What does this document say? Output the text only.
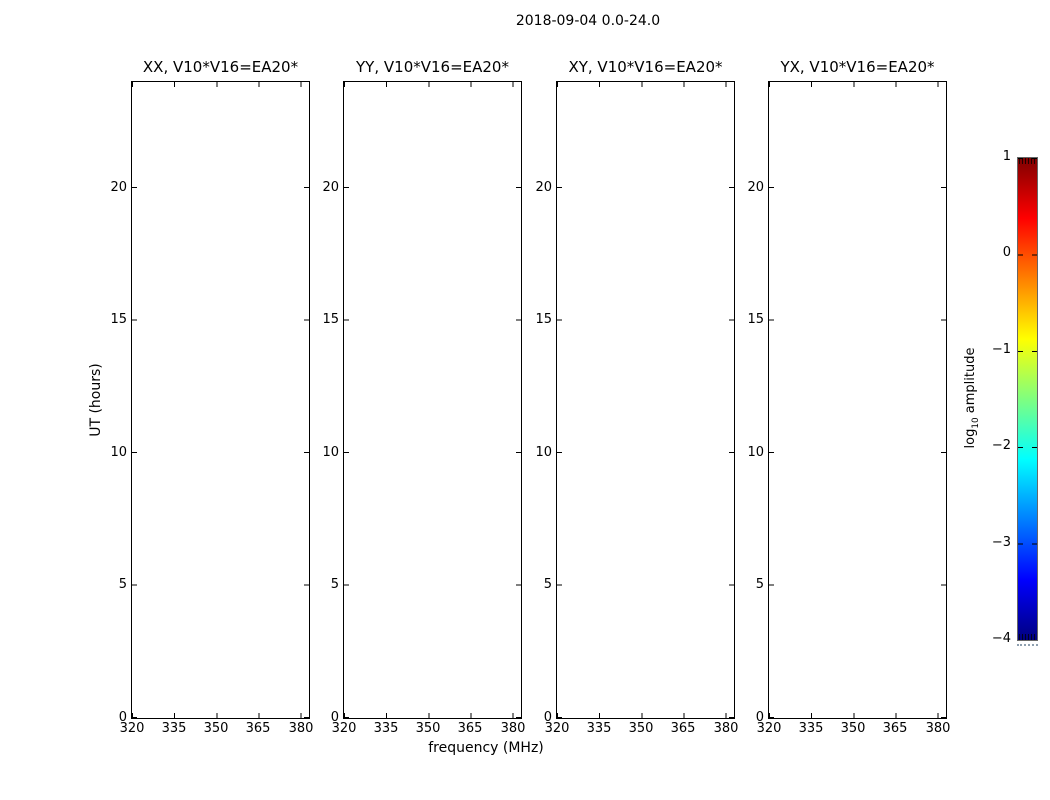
2018-09-04 0.0-24.0
UT (hours)
frequency (MHz)
XX, V10*V16=EA20*
320	335	350	365	380
0
5
10
15
20
YY, V10*V16=EA20*
320	335	350	365	380
0
5
10
15
20
XY, V10*V16=EA20*
320	335	350	365	380
0
5
10
15
20
YX, V10*V16=EA20*
320	335	350	365	380
0
5
10
15
20
1
0
−1
−2
−3
−4
$\log_{10}$ amplitude
